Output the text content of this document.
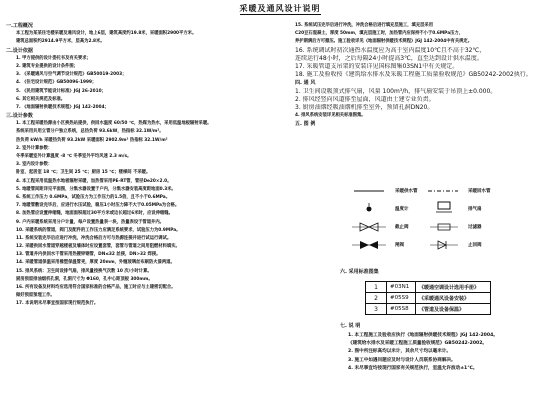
采暖及通风设计说明
一.工程概况
本工程为某某住宅楼采暖及通风设计，地上6层，建筑高度约19.8米，采暖面积2900平方米。
建筑总面积约2914.9平方米，层高为2.8米。
二.设计依据
1. 甲方提供的设计委托书及有关要求；
2. 建筑专业提供的设计条件图；
3. 《采暖通风与空气调节设计规范》GB50019-2003；
4. 《住宅设计规范》GB50096-1999；
5. 《民用建筑节能设计标准》JGJ 26-2010；
6. 其它相关规范及标准。
7. 《地面辐射供暖技术规程》JGJ 142-2004；
三.设计参数
1. 本工程采暖热源由小区换热站提供，供回水温度 60/50 ℃，热媒为热水，采用低温地板辐射采暖。
系统采用共用立管分户独立系统，总热负荷 93.6kW，热指标 32.1W/m²。
热负荷 kW/h 采暖热负荷 93.2kW 采暖面积 2902.9m² 热指标 32.1W/m²
2. 室外计算参数：
冬季采暖室外计算温度 -8 ℃ 冬季室外平均风速 2.3 m/s。
3. 室内设计参数：
卧室、起居室 18 ℃；卫生间 25 ℃；厨房 15 ℃；楼梯间 不采暖。
4. 本工程采用低温热水地板辐射采暖，加热管采用PE-RT管，管径De20×2.0。
5. 地暖管间距详见平面图，分集水器设置于户内，分集水器安装高度距地面0.3米。
6. 系统工作压力 0.6MPa，试验压力为工作压力的1.5倍，且不小于0.6MPa。
7. 地暖管敷设完毕后，应进行水压试验，稳压1小时压力降不大于0.05MPa为合格。
8. 加热管应设置伸缩缝，地面面积超过30平方米或边长超过6米时，应设伸缩缝。
9. 户内采暖系统采用分户计量，每户设置热量表一块，热量表设于管道井内。
10. 采暖系统的管道，阀门及配件的工作压力应满足系统要求，试验压力为0.9MPa。
11. 系统安装完毕后应进行冲洗，冲洗合格后方可与热源连接并进行试运行调试。
12. 采暖供回水管道穿越楼板及墙体时应设置套管，套管与管道之间用阻燃材料填实。
13. 管道井内供回水干管采用热镀锌钢管，DN≤32 丝接，DN>32 焊接。
14. 采暖管道保温采用橡塑保温管壳，厚度 20mm，外缠玻璃丝布刷防火漆两道。
15. 排风系统：卫生间设排气扇，排风量按换气次数 10 次/小时计算。
厨房预留排油烟机孔洞，孔洞尺寸为 Φ160，孔中心距顶板 300mm。
16. 所有设备及材料均应选用符合国家标准的合格产品，施工时应与土建密切配合。
做好预留预埋工作。
17. 本说明未尽事宜按国家现行规范执行。
15. 系统试压完毕后进行冲洗，冲洗合格后进行填充层施工，填充层采用
C20豆石混凝土，厚度 50mm，填充层施工时，加热管内应保持不小于0.6MPa压力，
养护期满后方可撤压。施工验收详见《地面辐射供暖技术规程》JGJ 142-2004中有关规定。
16. 系统调试时初次通热水温度应为高于室内温度10℃且不高于32℃，
连续运行48小时，之后每隔24小时提高3℃，直至达到设计供水温度。
17. 采暖管道支吊架的安装详见国标图集03SN1中有关规定。
18. 施工及验收按《建筑给水排水及采暖工程施工质量验收规范》GB50242-2002执行。
四. 通 风
1. 卫生间设吸顶式排气扇，风量 100m³/h，排气扇安装于吊顶上±0.000。
2. 排风经竖向风道排至屋面，风道由土建专业负责。
3. 厨房油烟经吸油烟机排至室外，预留孔洞DN20。
4. 排风系统安装详见相关标准图集。
五. 图 例
采暖供水管	采暖回水管
温度计	排气扇
截止阀	过滤器
闸阀	止回阀
六. 采用标准图集
1	#03N1	《暖通空调设计选用手册》
2	#05S9	《采暖通风设备安装》
3	#05S8	《管道及设备保温》
七. 说 明
1. 本工程施工及验收应执行《地面辐射供暖技术规程》JGJ 142-2004。
《建筑给水排水及采暖工程施工质量验收规范》GB50242-2002。
2. 图中所注标高均以米计，其余尺寸均以毫米计。
3. 施工中如遇问题应及时与设计人员联系协商解决。
4. 未尽事宜均按现行国家有关规范执行，室温允许波动±1℃。
